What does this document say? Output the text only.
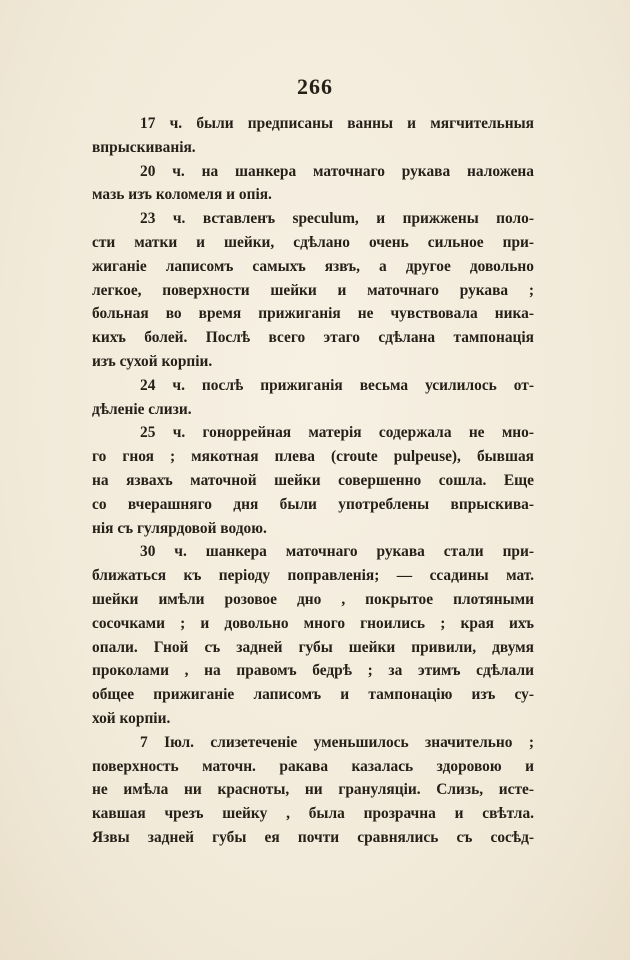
266
17 ч. были предписаны ванны и мягчительныя
впрыскиванія.
20 ч. на шанкера маточнаго рукава наложена
мазь изъ коломеля и опія.
23 ч. вставленъ speculum, и прижжены поло-
сти матки и шейки, сдѣлано очень сильное при-
жиганіе лаписомъ самыхъ язвъ, а другое довольно
легкое, поверхности шейки и маточнаго рукава ;
больная во время прижиганія не чувствовала ника-
кихъ болей. Послѣ всего этаго сдѣлана тампонація
изъ сухой корпіи.
24 ч. послѣ прижиганія весьма усилилось от-
дѣленіе слизи.
25 ч. гоноррейная матерія содержала не мно-
го гноя ; мякотная плева (croute pulpeuse), бывшая
на язвахъ маточной шейки совершенно сошла. Еще
со вчерашняго дня были употреблены впрыскива-
нія съ гулярдовой водою.
30 ч. шанкера маточнаго рукава стали при-
ближаться къ періоду поправленія; — ссадины мат.
шейки имѣли розовое дно , покрытое плотяными
сосочками ; и довольно много гноились ; края ихъ
опали. Гной съ задней губы шейки привили, двумя
проколами , на правомъ бедрѣ ; за этимъ сдѣлали
общее прижиганіе лаписомъ и тампонацію изъ су-
хой корпіи.
7 Іюл. слизетеченіе уменьшилось значительно ;
поверхность маточн. ракава казалась здоровою и
не имѣла ни красноты, ни грануляціи. Слизь, исте-
кавшая чрезъ шейку , была прозрачна и свѣтла.
Язвы задней губы ея почти сравнялись съ сосѣд-
